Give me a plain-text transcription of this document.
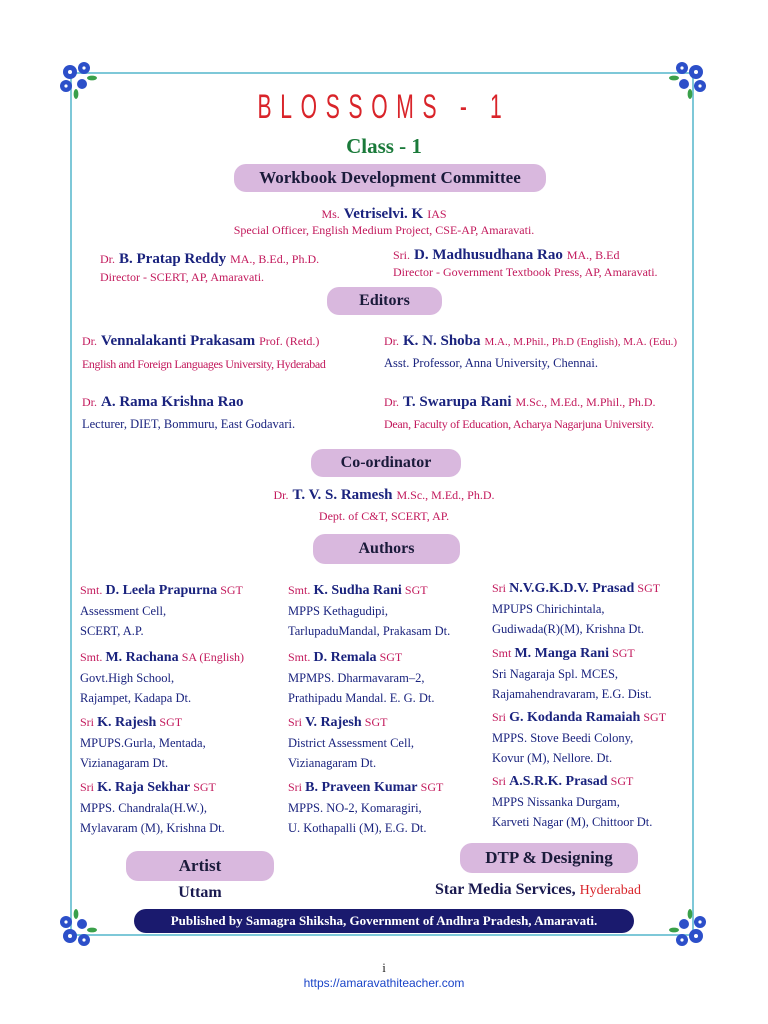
BLOSSOMS - 1
Class - 1
Workbook Development Committee
Ms. Vetriselvi. K IAS
Special Officer, English Medium Project, CSE-AP, Amaravati.
Dr. B. Pratap Reddy MA., B.Ed., Ph.D.
Director - SCERT, AP, Amaravati.
Sri. D. Madhusudhana Rao MA., B.Ed
Director - Government Textbook Press, AP, Amaravati.
Editors
Dr. Vennalakanti Prakasam Prof. (Retd.)
English and Foreign Languages University, Hyderabad
Dr. K. N. Shoba M.A., M.Phil., Ph.D (English), M.A. (Edu.)
Asst. Professor, Anna University, Chennai.
Dr. A. Rama Krishna Rao
Lecturer, DIET, Bommuru, East Godavari.
Dr. T. Swarupa Rani M.Sc., M.Ed., M.Phil., Ph.D.
Dean, Faculty of Education, Acharya Nagarjuna University.
Co-ordinator
Dr. T. V. S. Ramesh M.Sc., M.Ed., Ph.D.
Dept. of C&T, SCERT, AP.
Authors
Smt. D. Leela Prapurna SGT
Assessment Cell,
SCERT, A.P.
Smt. M. Rachana SA (English)
Govt.High School,
Rajampet, Kadapa Dt.
Sri K. Rajesh SGT
MPUPS.Gurla, Mentada,
Vizianagaram Dt.
Sri K. Raja Sekhar SGT
MPPS. Chandrala(H.W.),
Mylavaram (M), Krishna Dt.
Smt. K. Sudha Rani SGT
MPPS Kethagudipi,
TarlupaduMandal, Prakasam Dt.
Smt. D. Remala SGT
MPMPS. Dharmavaram–2,
Prathipadu Mandal. E. G. Dt.
Sri V. Rajesh SGT
District Assessment Cell,
Vizianagaram Dt.
Sri B. Praveen Kumar SGT
MPPS. NO-2, Komaragiri,
U. Kothapalli (M), E.G. Dt.
Sri N.V.G.K.D.V. Prasad SGT
MPUPS Chirichintala,
Gudiwada(R)(M), Krishna Dt.
Smt M. Manga Rani SGT
Sri Nagaraja Spl. MCES,
Rajamahendravaram, E.G. Dist.
Sri G. Kodanda Ramaiah SGT
MPPS. Stove Beedi Colony,
Kovur (M), Nellore. Dt.
Sri A.S.R.K. Prasad SGT
MPPS Nissanka Durgam,
Karveti Nagar (M), Chittoor Dt.
Artist
Uttam
DTP & Designing
Star Media Services, Hyderabad
Published by Samagra Shiksha, Government of Andhra Pradesh, Amaravati.
i
https://amaravathiteacher.com
